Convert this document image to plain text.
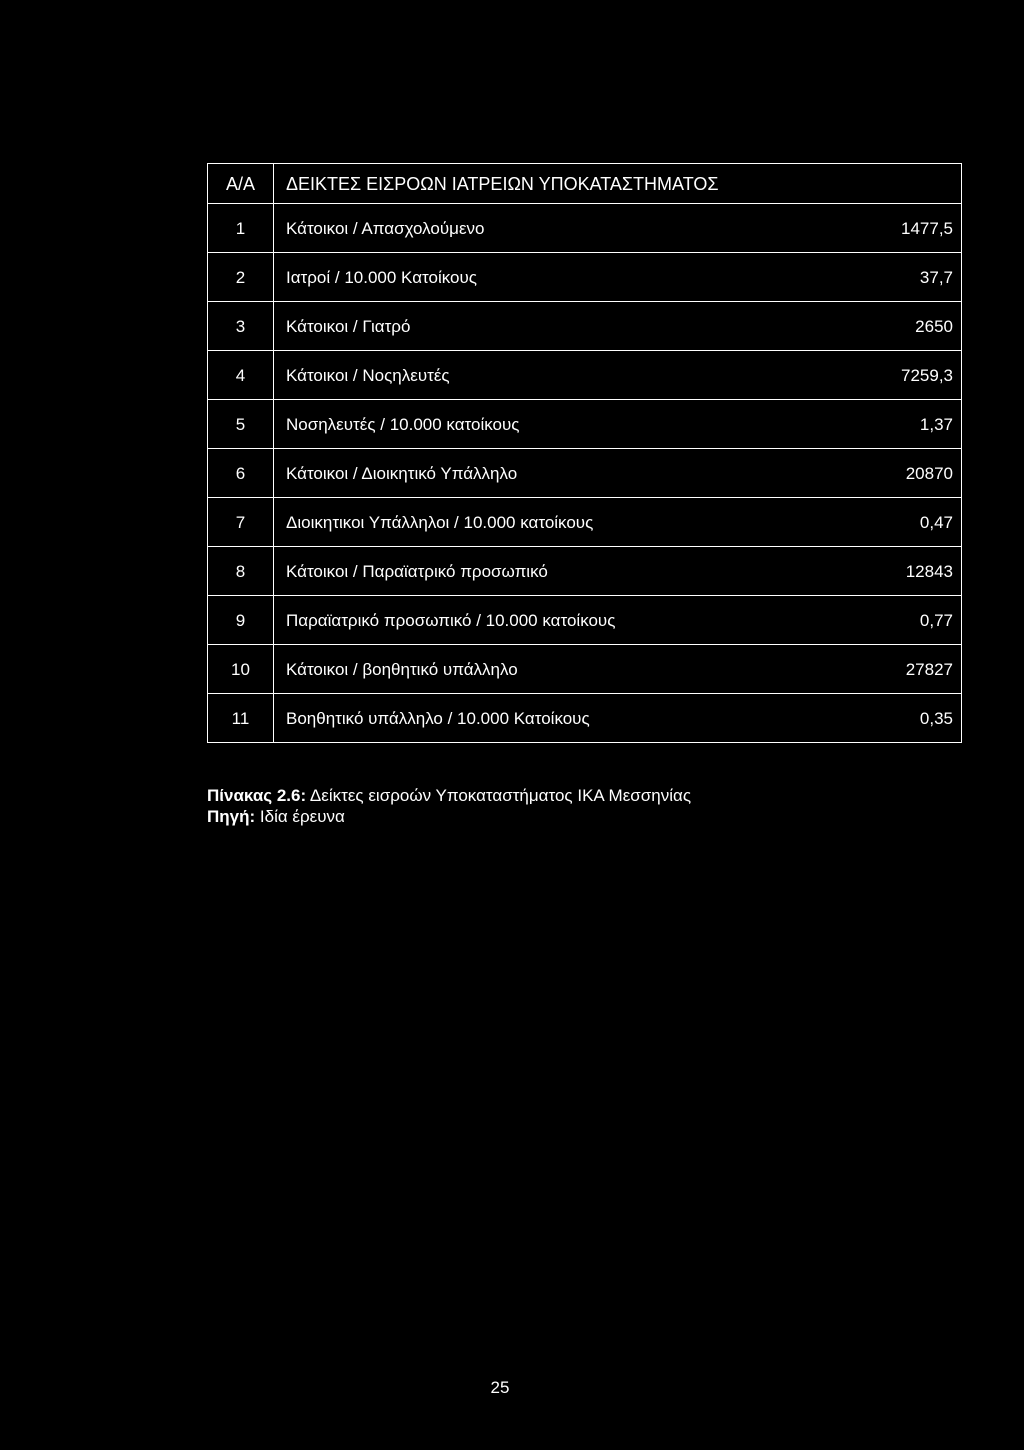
Α/Α	ΔΕΙΚΤΕΣ ΕΙΣΡΟΩΝ ΙΑΤΡΕΙΩΝ ΥΠΟΚΑΤΑΣΤΗΜΑΤΟΣ	
1	Κάτοικοι / Απασχολούμενο	1477,5
2	Ιατροί / 10.000 Κατοίκους	37,7
3	Κάτοικοι / Γιατρό	2650
4	Κάτοικοι / Νοςηλευτές	7259,3
5	Νοσηλευτές / 10.000 κατοίκους	1,37
6	Κάτοικοι / Διοικητικό Υπάλληλο	20870
7	Διοικητικοι Υπάλληλοι / 10.000 κατοίκους	0,47
8	Κάτοικοι / Παραϊατρικό προσωπικό	12843
9	Παραϊατρικό προσωπικό / 10.000 κατοίκους	0,77
10	Κάτοικοι / βοηθητικό υπάλληλο	27827
11	Βοηθητικό υπάλληλο / 10.000 Κατοίκους	0,35
Πίνακας 2.6: Δείκτες εισροών Υποκαταστήματος ΙΚΑ Μεσσηνίας
Πηγή: Ιδία έρευνα
25
